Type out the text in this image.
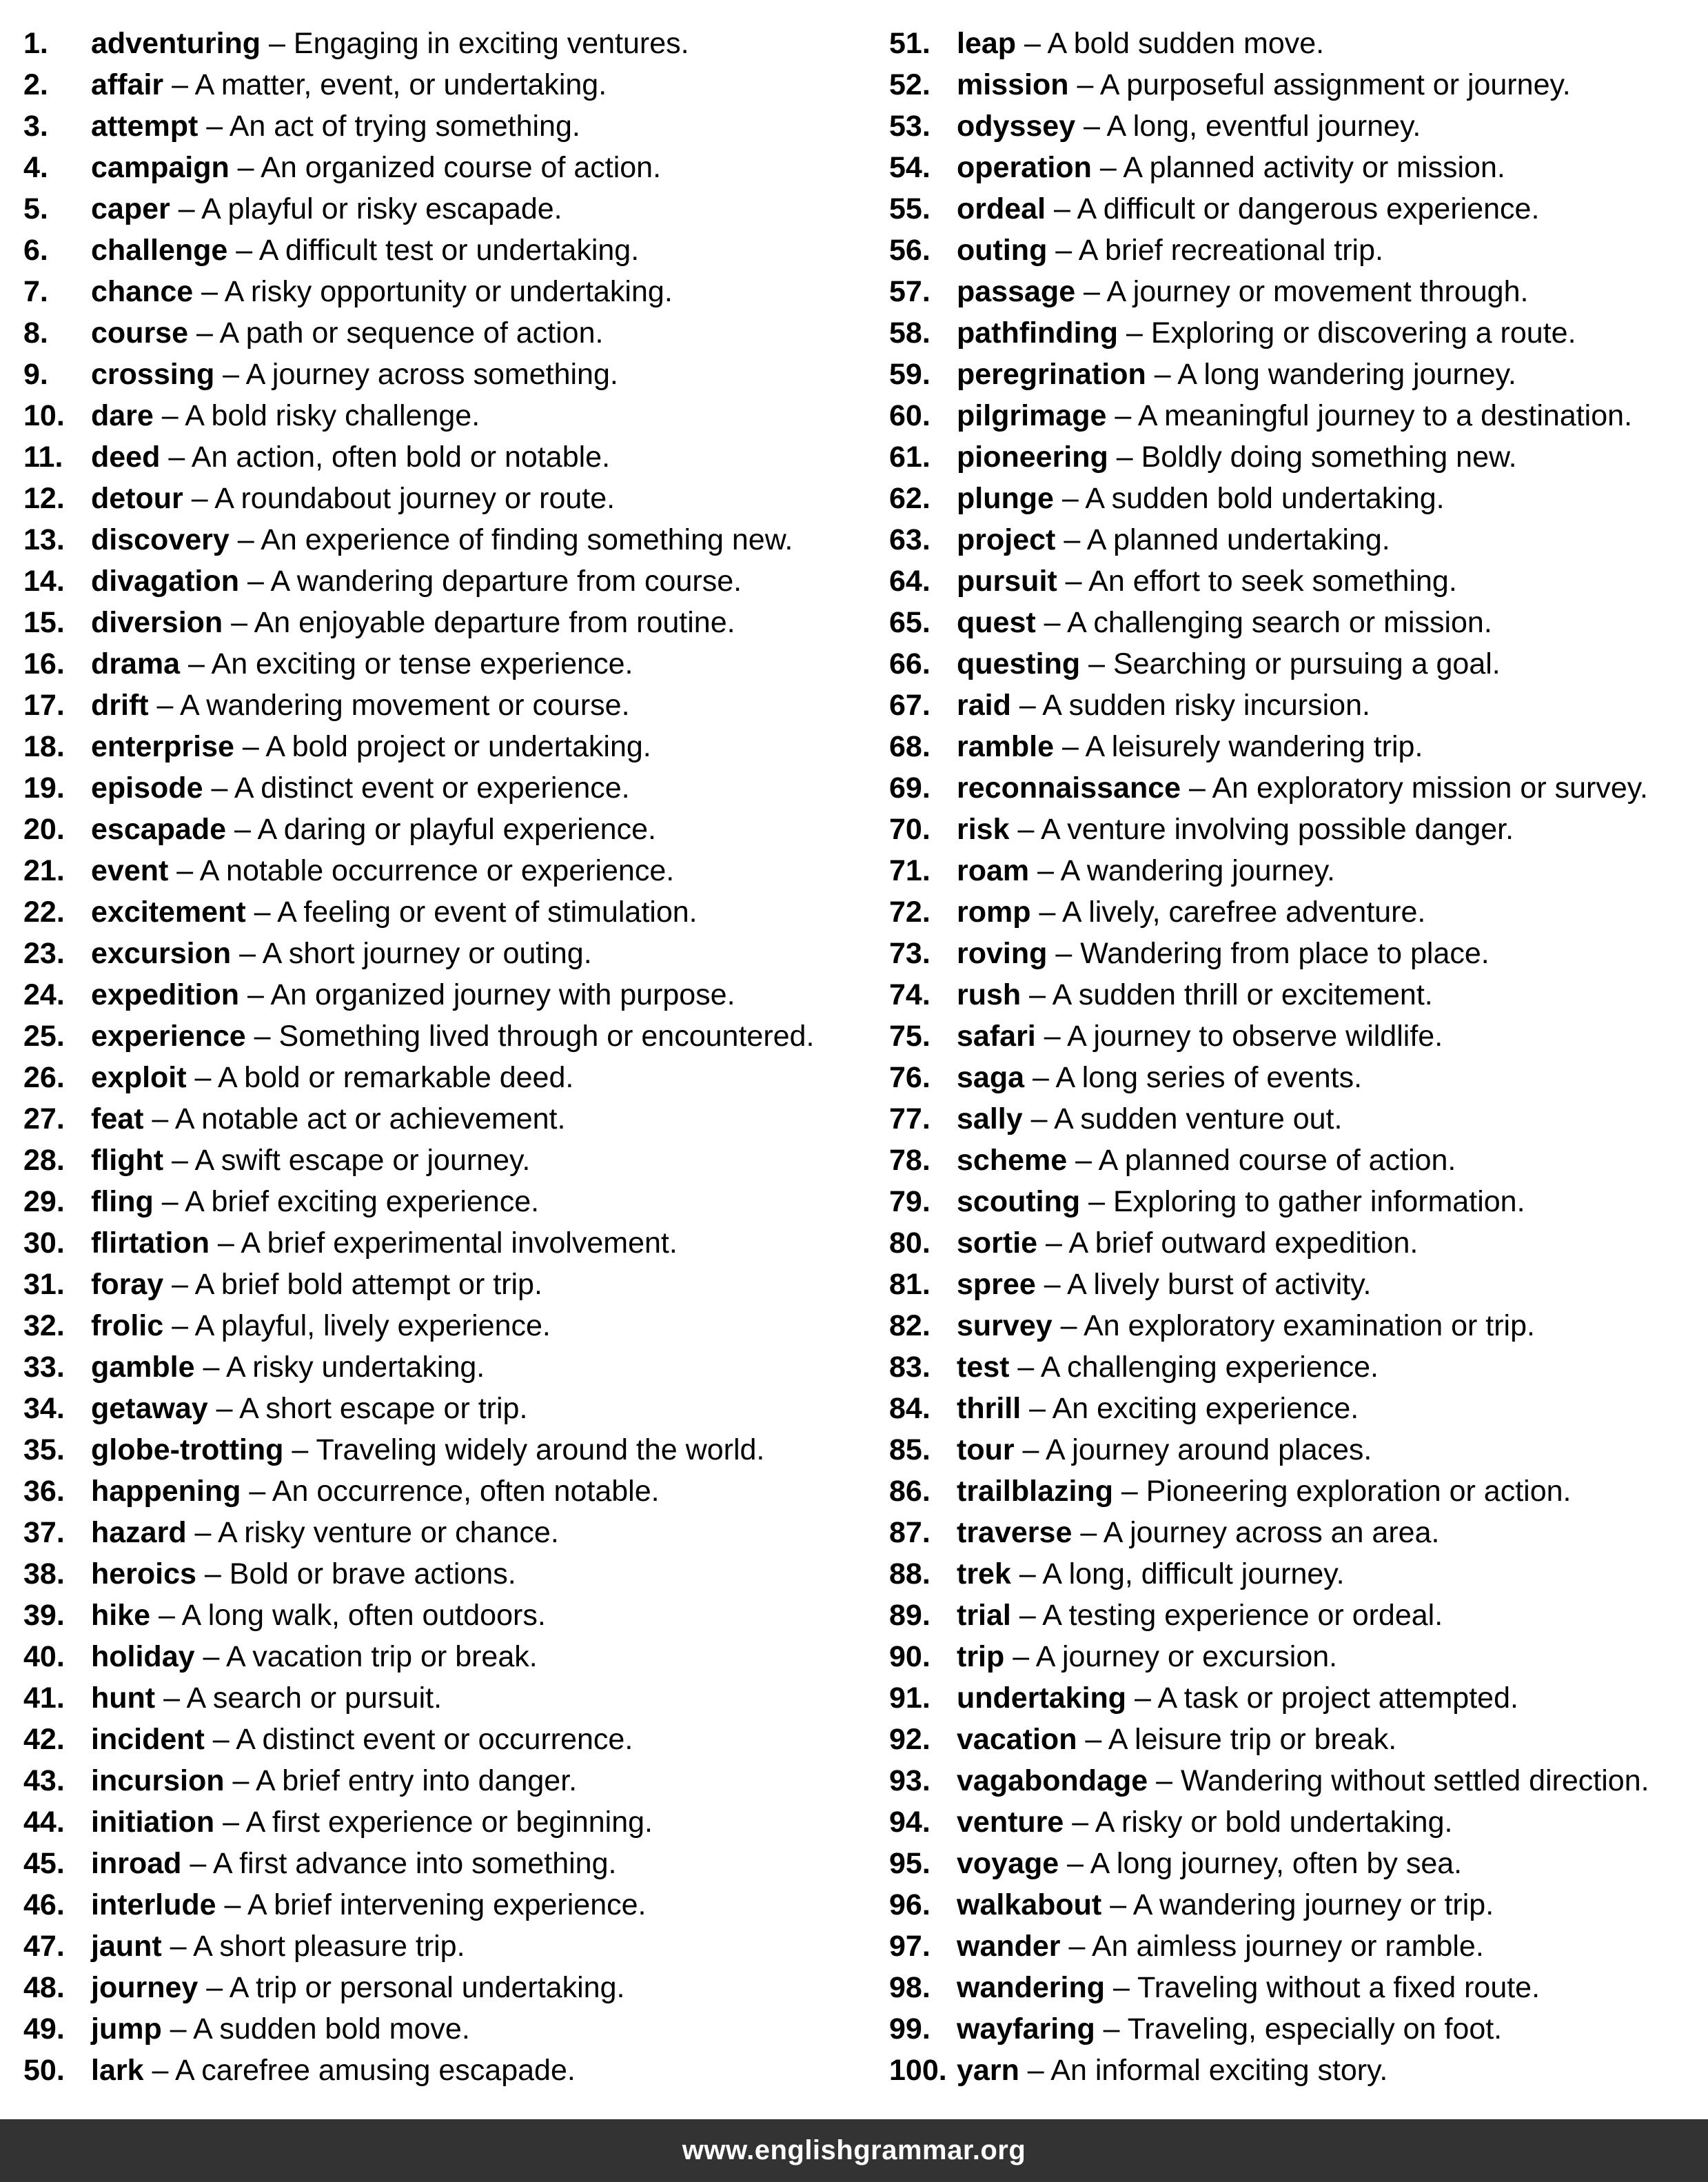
1.	adventuring – Engaging in exciting ventures.
2.	affair – A matter, event, or undertaking.
3.	attempt – An act of trying something.
4.	campaign – An organized course of action.
5.	caper – A playful or risky escapade.
6.	challenge – A difficult test or undertaking.
7.	chance – A risky opportunity or undertaking.
8.	course – A path or sequence of action.
9.	crossing – A journey across something.
10. dare – A bold risky challenge.
11. deed – An action, often bold or notable.
12. detour – A roundabout journey or route.
13. discovery – An experience of finding something new.
14. divagation – A wandering departure from course.
15. diversion – An enjoyable departure from routine.
16. drama – An exciting or tense experience.
17. drift – A wandering movement or course.
18. enterprise – A bold project or undertaking.
19. episode – A distinct event or experience.
20. escapade – A daring or playful experience.
21. event – A notable occurrence or experience.
22. excitement – A feeling or event of stimulation.
23. excursion – A short journey or outing.
24. expedition – An organized journey with purpose.
25. experience – Something lived through or encountered.
26. exploit – A bold or remarkable deed.
27. feat – A notable act or achievement.
28. flight – A swift escape or journey.
29. fling – A brief exciting experience.
30. flirtation – A brief experimental involvement.
31. foray – A brief bold attempt or trip.
32. frolic – A playful, lively experience.
33. gamble – A risky undertaking.
34. getaway – A short escape or trip.
35. globe-trotting – Traveling widely around the world.
36. happening – An occurrence, often notable.
37. hazard – A risky venture or chance.
38. heroics – Bold or brave actions.
39. hike – A long walk, often outdoors.
40. holiday – A vacation trip or break.
41. hunt – A search or pursuit.
42. incident – A distinct event or occurrence.
43. incursion – A brief entry into danger.
44. initiation – A first experience or beginning.
45. inroad – A first advance into something.
46. interlude – A brief intervening experience.
47. jaunt – A short pleasure trip.
48. journey – A trip or personal undertaking.
49. jump – A sudden bold move.
50. lark – A carefree amusing escapade.
51. leap – A bold sudden move.
52. mission – A purposeful assignment or journey.
53. odyssey – A long, eventful journey.
54. operation – A planned activity or mission.
55. ordeal – A difficult or dangerous experience.
56. outing – A brief recreational trip.
57. passage – A journey or movement through.
58. pathfinding – Exploring or discovering a route.
59. peregrination – A long wandering journey.
60. pilgrimage – A meaningful journey to a destination.
61. pioneering – Boldly doing something new.
62. plunge – A sudden bold undertaking.
63. project – A planned undertaking.
64. pursuit – An effort to seek something.
65. quest – A challenging search or mission.
66. questing – Searching or pursuing a goal.
67. raid – A sudden risky incursion.
68. ramble – A leisurely wandering trip.
69. reconnaissance – An exploratory mission or survey.
70. risk – A venture involving possible danger.
71. roam – A wandering journey.
72. romp – A lively, carefree adventure.
73. roving – Wandering from place to place.
74. rush – A sudden thrill or excitement.
75. safari – A journey to observe wildlife.
76. saga – A long series of events.
77. sally – A sudden venture out.
78. scheme – A planned course of action.
79. scouting – Exploring to gather information.
80. sortie – A brief outward expedition.
81. spree – A lively burst of activity.
82. survey – An exploratory examination or trip.
83. test – A challenging experience.
84. thrill – An exciting experience.
85. tour – A journey around places.
86. trailblazing – Pioneering exploration or action.
87. traverse – A journey across an area.
88. trek – A long, difficult journey.
89. trial – A testing experience or ordeal.
90. trip – A journey or excursion.
91. undertaking – A task or project attempted.
92. vacation – A leisure trip or break.
93. vagabondage – Wandering without settled direction.
94. venture – A risky or bold undertaking.
95. voyage – A long journey, often by sea.
96. walkabout – A wandering journey or trip.
97. wander – An aimless journey or ramble.
98. wandering – Traveling without a fixed route.
99. wayfaring – Traveling, especially on foot.
100. yarn – An informal exciting story.
www.englishgrammar.org
